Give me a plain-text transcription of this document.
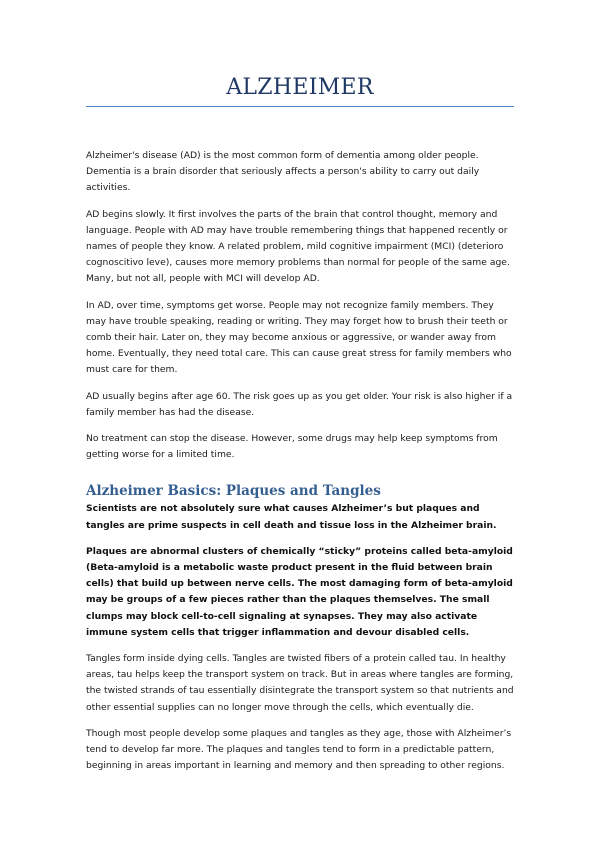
ALZHEIMER

Alzheimer's disease (AD) is the most common form of dementia among older people. Dementia is a brain disorder that seriously affects a person's ability to carry out daily activities.

AD begins slowly. It first involves the parts of the brain that control thought, memory and language. People with AD may have trouble remembering things that happened recently or names of people they know. A related problem, mild cognitive impairment (MCI) (deterioro cognoscitivo leve), causes more memory problems than normal for people of the same age. Many, but not all, people with MCI will develop AD.

In AD, over time, symptoms get worse. People may not recognize family members. They may have trouble speaking, reading or writing. They may forget how to brush their teeth or comb their hair. Later on, they may become anxious or aggressive, or wander away from home. Eventually, they need total care. This can cause great stress for family members who must care for them.

AD usually begins after age 60. The risk goes up as you get older. Your risk is also higher if a family member has had the disease.

No treatment can stop the disease. However, some drugs may help keep symptoms from getting worse for a limited time.

Alzheimer Basics: Plaques and Tangles

Scientists are not absolutely sure what causes Alzheimer’s but plaques and tangles are prime suspects in cell death and tissue loss in the Alzheimer brain.

Plaques are abnormal clusters of chemically “sticky” proteins called beta-amyloid (Beta-amyloid is a metabolic waste product present in the fluid between brain cells) that build up between nerve cells. The most damaging form of beta-amyloid may be groups of a few pieces rather than the plaques themselves. The small clumps may block cell-to-cell signaling at synapses. They may also activate immune system cells that trigger inflammation and devour disabled cells.

Tangles form inside dying cells. Tangles are twisted fibers of a protein called tau. In healthy areas, tau helps keep the transport system on track. But in areas where tangles are forming, the twisted strands of tau essentially disintegrate the transport system so that nutrients and other essential supplies can no longer move through the cells, which eventually die.

Though most people develop some plaques and tangles as they age, those with Alzheimer’s tend to develop far more. The plaques and tangles tend to form in a predictable pattern, beginning in areas important in learning and memory and then spreading to other regions.
